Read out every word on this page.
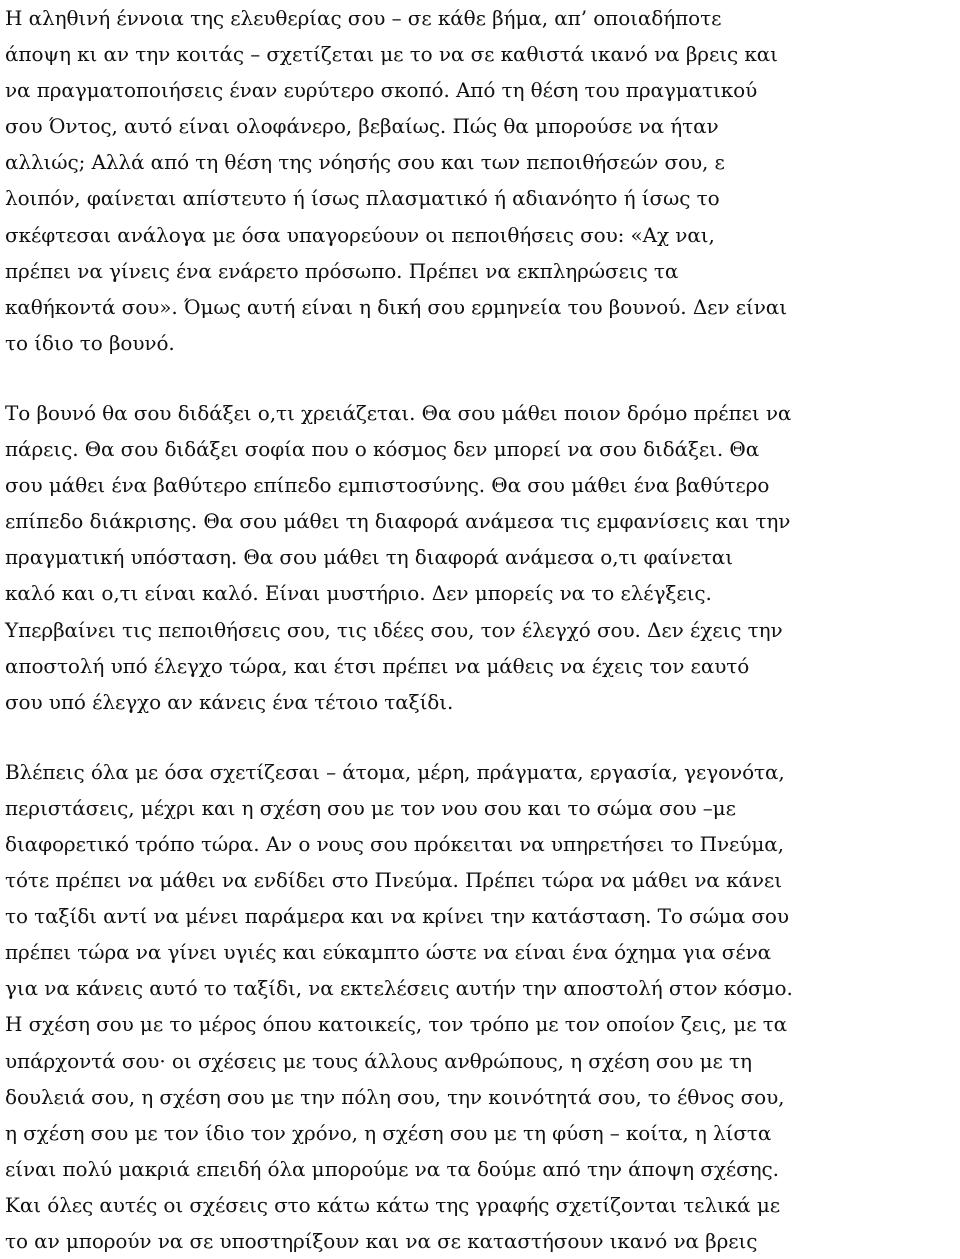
Η αληθινή έννοια της ελευθερίας σου – σε κάθε βήμα, απ’ οποιαδήποτε
άποψη κι αν την κοιτάς – σχετίζεται με το να σε καθιστά ικανό να βρεις και
να πραγματοποιήσεις έναν ευρύτερο σκοπό. Από τη θέση του πραγματικού
σου Όντος, αυτό είναι ολοφάνερο, βεβαίως. Πώς θα μπορούσε να ήταν
αλλιώς; Αλλά από τη θέση της νόησής σου και των πεποιθήσεών σου, ε
λοιπόν, φαίνεται απίστευτο ή ίσως πλασματικό ή αδιανόητο ή ίσως το
σκέφτεσαι ανάλογα με όσα υπαγορεύουν οι πεποιθήσεις σου: «Αχ ναι,
πρέπει να γίνεις ένα ενάρετο πρόσωπο. Πρέπει να εκπληρώσεις τα
καθήκοντά σου». Όμως αυτή είναι η δική σου ερμηνεία του βουνού. Δεν είναι
το ίδιο το βουνό.
Το βουνό θα σου διδάξει ο,τι χρειάζεται. Θα σου μάθει ποιον δρόμο πρέπει να
πάρεις. Θα σου διδάξει σοφία που ο κόσμος δεν μπορεί να σου διδάξει. Θα
σου μάθει ένα βαθύτερο επίπεδο εμπιστοσύνης. Θα σου μάθει ένα βαθύτερο
επίπεδο διάκρισης. Θα σου μάθει τη διαφορά ανάμεσα τις εμφανίσεις και την
πραγματική υπόσταση. Θα σου μάθει τη διαφορά ανάμεσα ο,τι φαίνεται
καλό και ο,τι είναι καλό. Είναι μυστήριο. Δεν μπορείς να το ελέγξεις.
Υπερβαίνει τις πεποιθήσεις σου, τις ιδέες σου, τον έλεγχό σου. Δεν έχεις την
αποστολή υπό έλεγχο τώρα, και έτσι πρέπει να μάθεις να έχεις τον εαυτό
σου υπό έλεγχο αν κάνεις ένα τέτοιο ταξίδι.
Βλέπεις όλα με όσα σχετίζεσαι – άτομα, μέρη, πράγματα, εργασία, γεγονότα,
περιστάσεις, μέχρι και η σχέση σου με τον νου σου και το σώμα σου –με
διαφορετικό τρόπο τώρα. Αν ο νους σου πρόκειται να υπηρετήσει το Πνεύμα,
τότε πρέπει να μάθει να ενδίδει στο Πνεύμα. Πρέπει τώρα να μάθει να κάνει
το ταξίδι αντί να μένει παράμερα και να κρίνει την κατάσταση. Το σώμα σου
πρέπει τώρα να γίνει υγιές και εύκαμπτο ώστε να είναι ένα όχημα για σένα
για να κάνεις αυτό το ταξίδι, να εκτελέσεις αυτήν την αποστολή στον κόσμο.
Η σχέση σου με το μέρος όπου κατοικείς, τον τρόπο με τον οποίον ζεις, με τα
υπάρχοντά σου· οι σχέσεις με τους άλλους ανθρώπους, η σχέση σου με τη
δουλειά σου, η σχέση σου με την πόλη σου, την κοινότητά σου, το έθνος σου,
η σχέση σου με τον ίδιο τον χρόνο, η σχέση σου με τη φύση – κοίτα, η λίστα
είναι πολύ μακριά επειδή όλα μπορούμε να τα δούμε από την άποψη σχέσης.
Και όλες αυτές οι σχέσεις στο κάτω κάτω της γραφής σχετίζονται τελικά με
το αν μπορούν να σε υποστηρίξουν και να σε καταστήσουν ικανό να βρεις
